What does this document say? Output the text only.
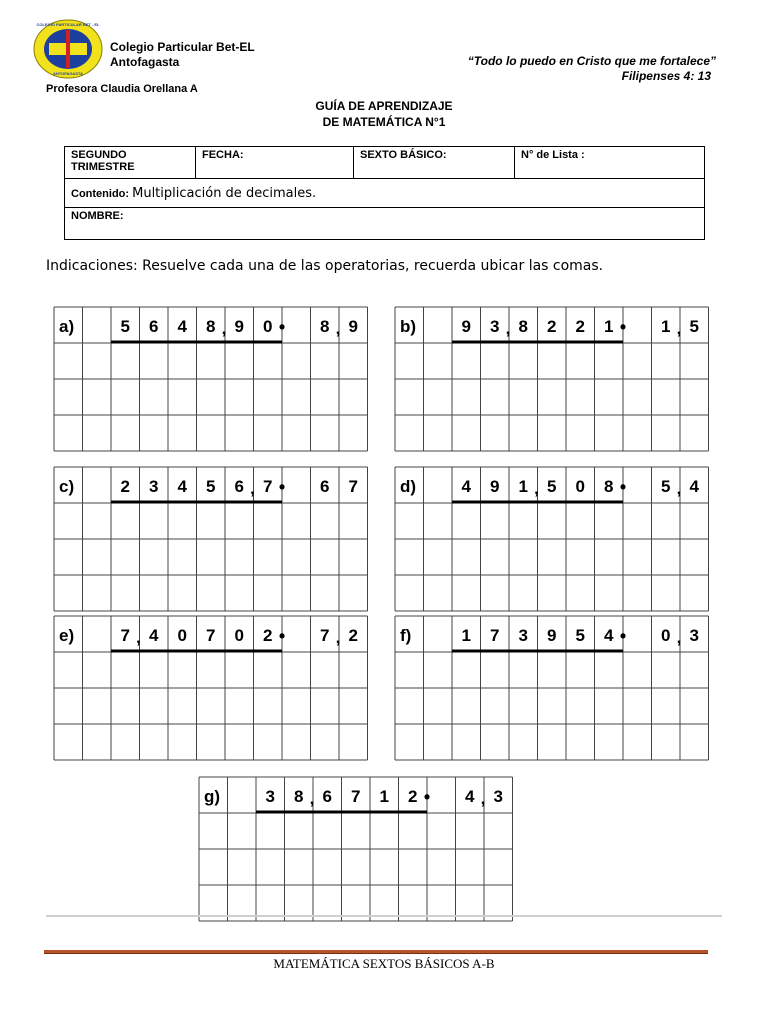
COLEGIO PARTICULAR BET - EL
ANTOFAGASTA
Colegio Particular Bet-EL
Antofagasta	“Todo lo puedo en Cristo que me fortalece”
Filipenses 4: 13
Profesora Claudia Orellana A
GUÍA DE APRENDIZAJE
DE MATEMÁTICA N°1
SEGUNDO
TRIMESTRE
	FECHA:	SEXTO BÁSICO:	N° de Lista :
Contenido: Multiplicación de decimales.
NOMBRE:
Indicaciones: Resuelve cada una de las operatorias, recuerda ubicar las comas.
a)	5 6 4 8 , 9 0 • 8 , 9 b)	9 3 , 8 2 2 1 • 1 , 5
c)	2 3 4 5 6 , 7 • 6 7 d)	4 9 1 , 5 0 8 • 5 , 4
e)	7 , 4 0 7 0 2 • 7 , 2 f)	1 7 3 9 5 4 • 0 , 3
g)	3 8 , 6 7 1 2 • 4 , 3
MATEMÁTICA SEXTOS BÁSICOS A-B
